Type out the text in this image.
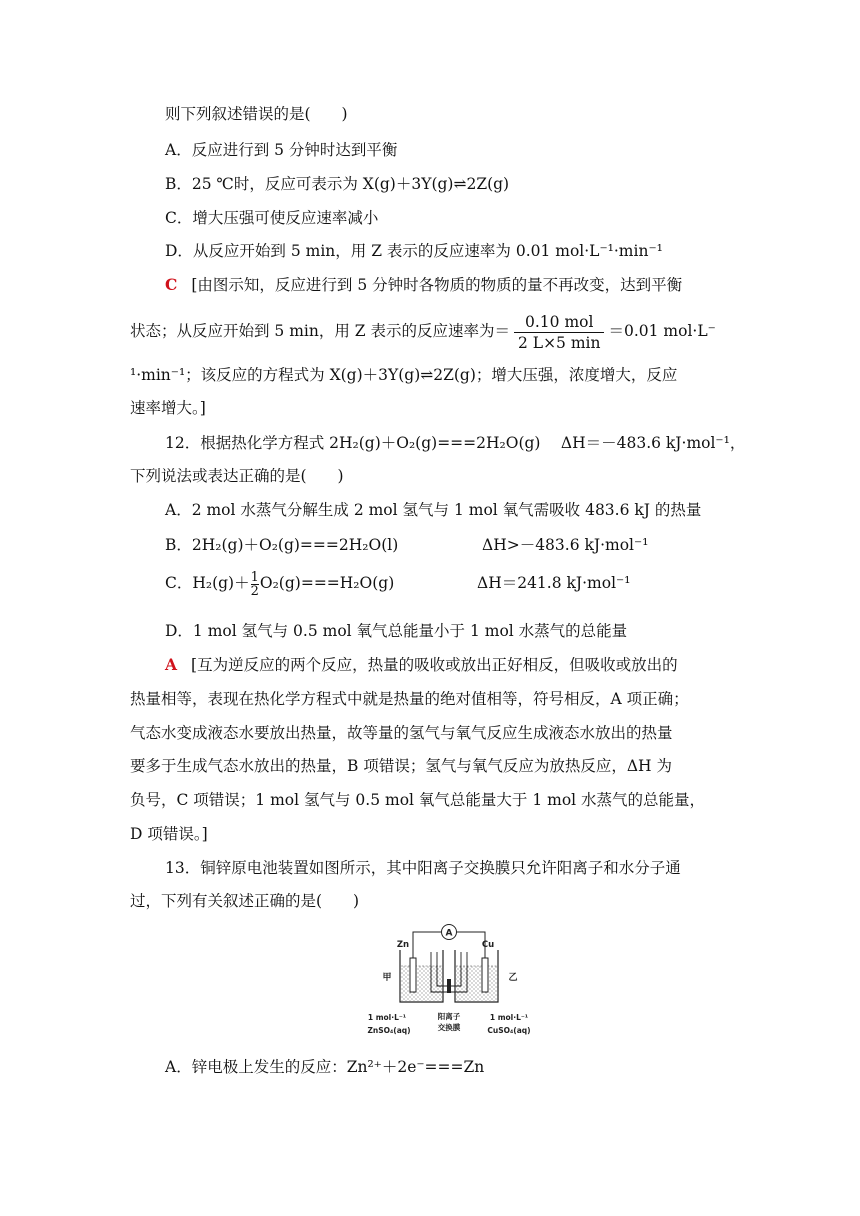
则下列叙述错误的是(　　)
A．反应进行到 5 分钟时达到平衡
B．25 ℃时，反应可表示为 X(g)＋3Y(g)⇌2Z(g)
C．增大压强可使反应速率减小
D．从反应开始到 5 min，用 Z 表示的反应速率为 0.01 mol·L⁻¹·min⁻¹
C [由图示知，反应进行到 5 分钟时各物质的物质的量不再改变，达到平衡
状态；从反应开始到 5 min，用 Z 表示的反应速率为＝ $\frac{\text{0.10 mol}}{2 L\times 5 \min} =0.01$ mol·L⁻
¹·min⁻¹；该反应的方程式为 X(g)＋3Y(g)⇌2Z(g)；增大压强，浓度增大，反应
速率增大。]
12．根据热化学方程式 2H₂(g)＋O₂(g)===2H₂O(g)　 ΔH＝－483.6 kJ·mol⁻¹，
下列说法或表达正确的是(　　)
A．2 mol 水蒸气分解生成 2 mol 氢气与 1 mol 氧气需吸收 483.6 kJ 的热量
B．2H₂(g)＋O₂(g)===2H₂O(l)	ΔH>－483.6 kJ·mol⁻¹
C．$H_2(g)+ \frac{1}{2} O_2(g)===H_2O(g)$	ΔH＝241.8 kJ·mol⁻¹
D．1 mol 氢气与 0.5 mol 氧气总能量小于 1 mol 水蒸气的总能量
A [互为逆反应的两个反应，热量的吸收或放出正好相反，但吸收或放出的
热量相等，表现在热化学方程式中就是热量的绝对值相等，符号相反，A 项正确；
气态水变成液态水要放出热量，故等量的氢气与氧气反应生成液态水放出的热量
要多于生成气态水放出的热量，B 项错误；氢气与氧气反应为放热反应，ΔH 为
负号，C 项错误；1 mol 氢气与 0.5 mol 氧气总能量大于 1 mol 水蒸气的总能量，
D 项错误。]
13．铜锌原电池装置如图所示，其中阳离子交换膜只允许阳离子和水分子通
过，下列有关叙述正确的是(　　)
A
Zn	Cu
甲	乙
1 mol·L⁻¹
ZnSO₄(aq)
阳离子
交换膜
1 mol·L⁻¹
CuSO₄(aq)
A．锌电极上发生的反应：Zn²⁺＋2e⁻===Zn
